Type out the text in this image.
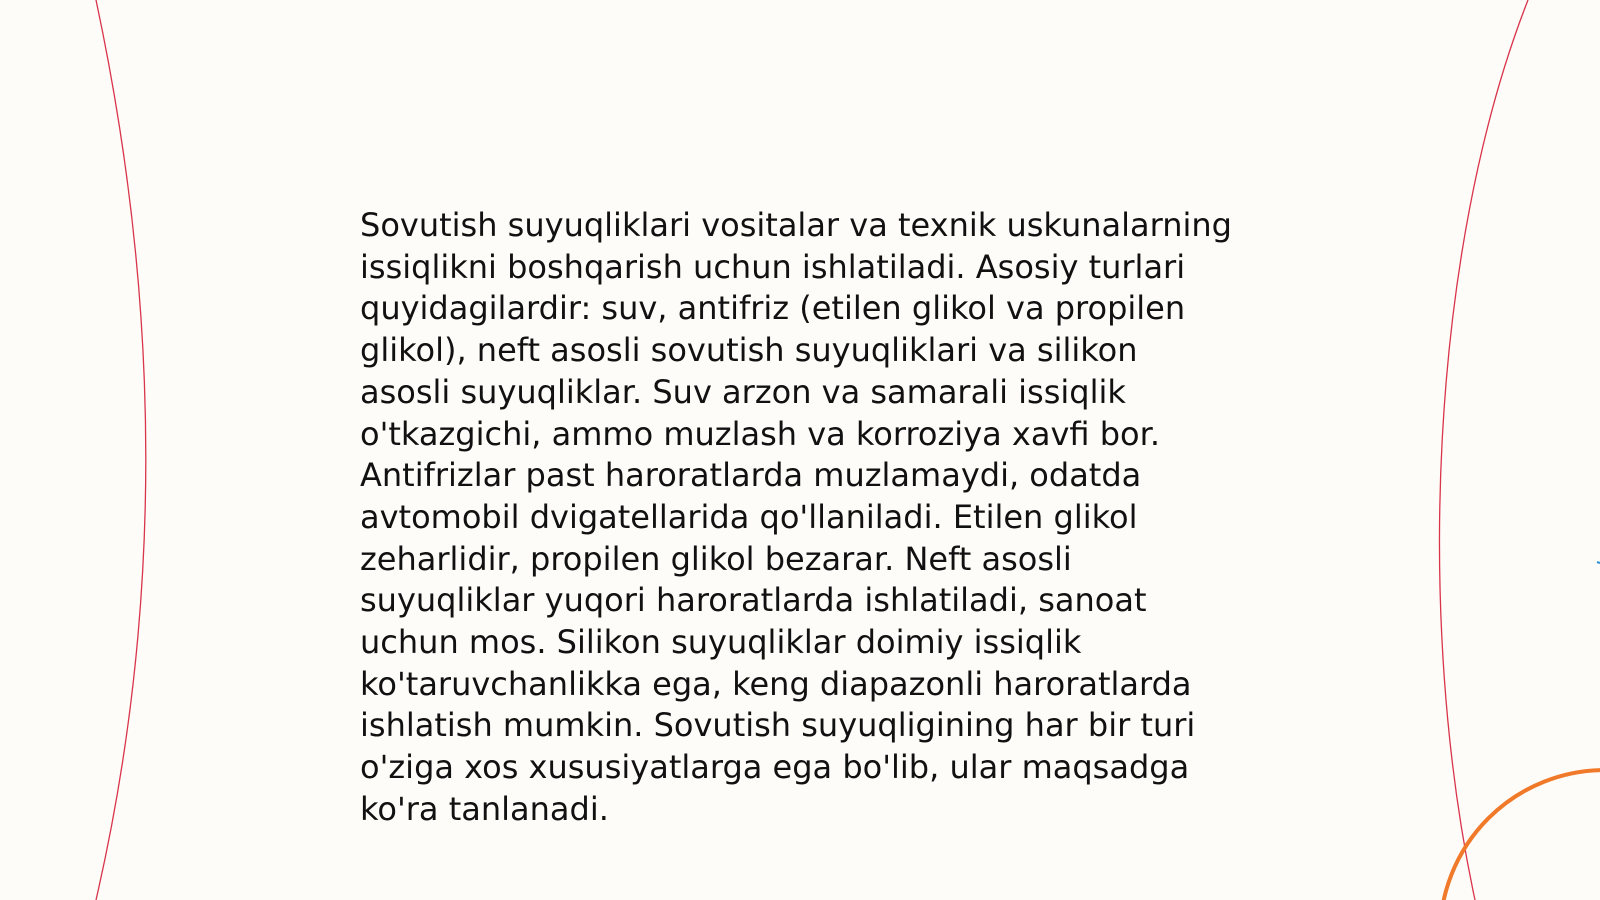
Sovutish suyuqliklari vositalar va texnik uskunalarning
issiqlikni boshqarish uchun ishlatiladi. Asosiy turlari
quyidagilardir: suv, antifriz (etilen glikol va propilen
glikol), neft asosli sovutish suyuqliklari va silikon
asosli suyuqliklar. Suv arzon va samarali issiqlik
o'tkazgichi, ammo muzlash va korroziya xavfi bor.
Antifrizlar past haroratlarda muzlamaydi, odatda
avtomobil dvigatellarida qo'llaniladi. Etilen glikol
zeharlidir, propilen glikol bezarar. Neft asosli
suyuqliklar yuqori haroratlarda ishlatiladi, sanoat
uchun mos. Silikon suyuqliklar doimiy issiqlik
ko'taruvchanlikka ega, keng diapazonli haroratlarda
ishlatish mumkin. Sovutish suyuqligining har bir turi
o'ziga xos xususiyatlarga ega bo'lib, ular maqsadga
ko'ra tanlanadi.
